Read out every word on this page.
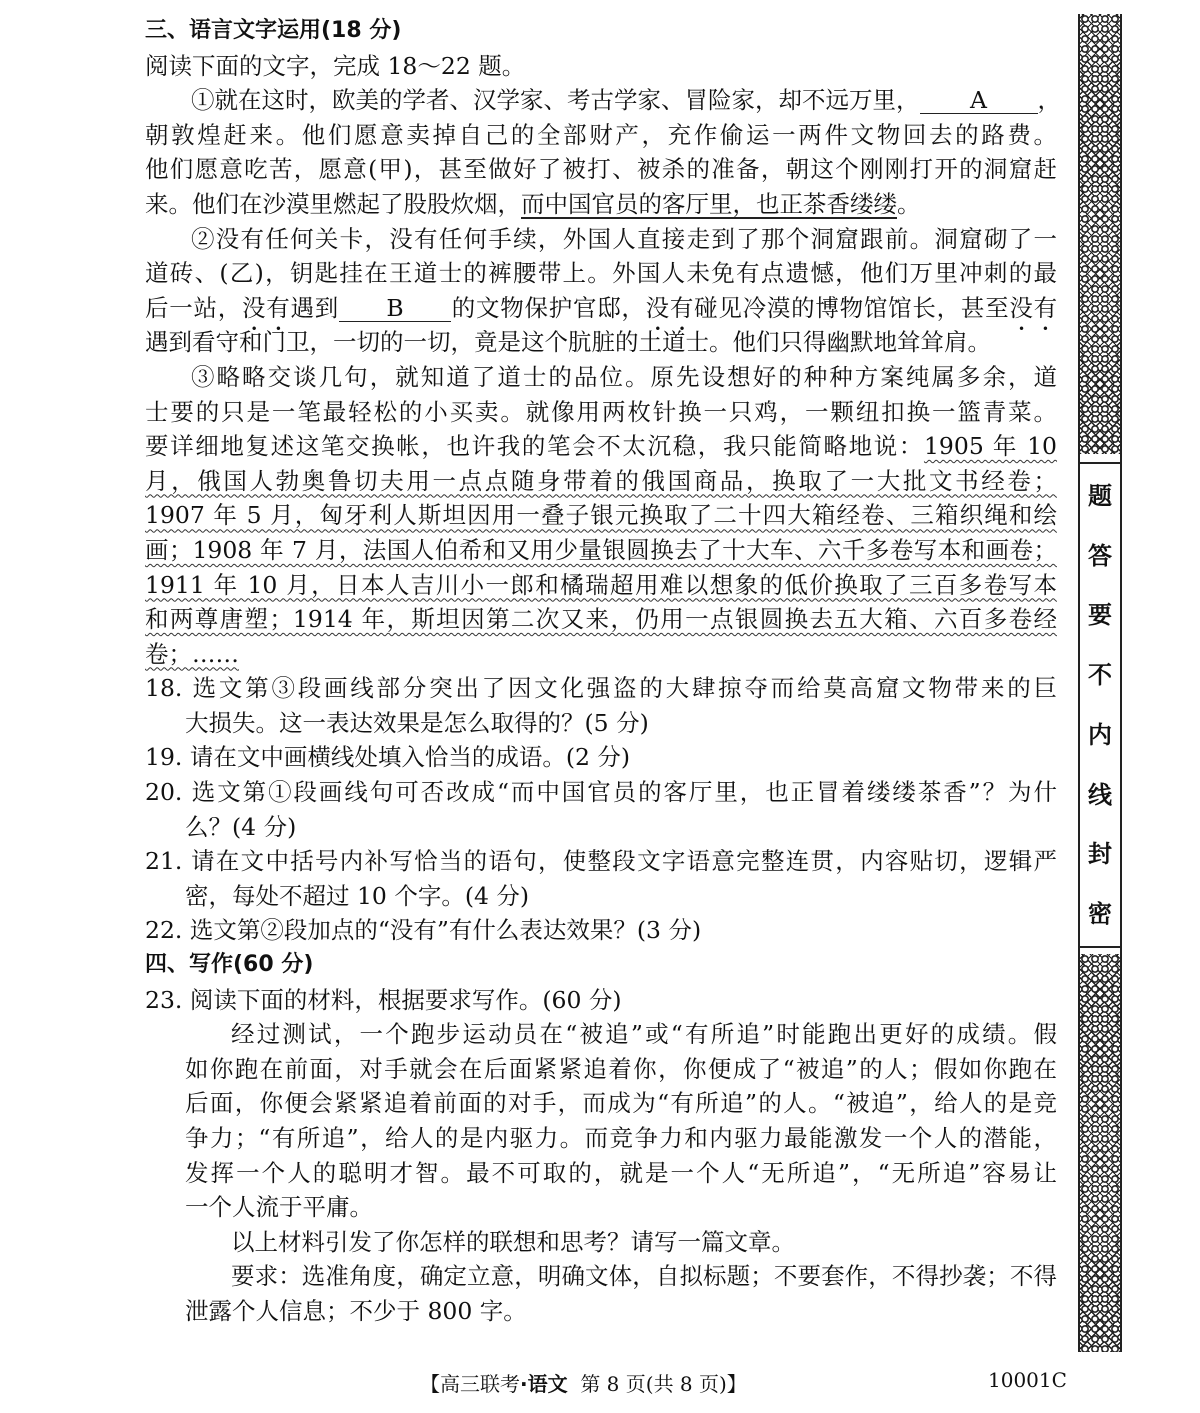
三、语言文字运用(18 分)
阅读下面的文字，完成 18～22 题。
①就在这时，欧美的学者、汉学家、考古学家、冒险家，却不远万里， A ，
朝敦煌赶来。他们愿意卖掉自己的全部财产，充作偷运一两件文物回去的路费。
他们愿意吃苦，愿意(甲)，甚至做好了被打、被杀的准备，朝这个刚刚打开的洞窟赶
来。他们在沙漠里燃起了股股炊烟，而中国官员的客厅里，也正茶香缕缕。
②没有任何关卡，没有任何手续，外国人直接走到了那个洞窟跟前。洞窟砌了一
道砖、(乙)，钥匙挂在王道士的裤腰带上。外国人未免有点遗憾，他们万里冲刺的最
后一站，没有遇到 B 的文物保护官邸，没有碰见冷漠的博物馆馆长，甚至没有
遇到看守和门卫，一切的一切，竟是这个肮脏的土道士。他们只得幽默地耸耸肩。
③略略交谈几句，就知道了道士的品位。原先设想好的种种方案纯属多余，道
士要的只是一笔最轻松的小买卖。就像用两枚针换一只鸡，一颗纽扣换一篮青菜。
要详细地复述这笔交换帐，也许我的笔会不太沉稳，我只能简略地说：1905 年 10
月，俄国人勃奥鲁切夫用一点点随身带着的俄国商品，换取了一大批文书经卷；
1907 年 5 月，匈牙利人斯坦因用一叠子银元换取了二十四大箱经卷、三箱织绳和绘
画；1908 年 7 月，法国人伯希和又用少量银圆换去了十大车、六千多卷写本和画卷；
1911 年 10 月，日本人吉川小一郎和橘瑞超用难以想象的低价换取了三百多卷写本
和两尊唐塑；1914 年，斯坦因第二次又来，仍用一点银圆换去五大箱、六百多卷经
卷；……
18. 选文第③段画线部分突出了因文化强盗的大肆掠夺而给莫高窟文物带来的巨
大损失。这一表达效果是怎么取得的？(5 分)
19. 请在文中画横线处填入恰当的成语。(2 分)
20. 选文第①段画线句可否改成“而中国官员的客厅里，也正冒着缕缕茶香”？为什
么？(4 分)
21. 请在文中括号内补写恰当的语句，使整段文字语意完整连贯，内容贴切，逻辑严
密，每处不超过 10 个字。(4 分)
22. 选文第②段加点的“没有”有什么表达效果？(3 分)
四、写作(60 分)
23. 阅读下面的材料，根据要求写作。(60 分)
经过测试，一个跑步运动员在“被追”或“有所追”时能跑出更好的成绩。假
如你跑在前面，对手就会在后面紧紧追着你，你便成了“被追”的人；假如你跑在
后面，你便会紧紧追着前面的对手，而成为“有所追”的人。“被追”，给人的是竞
争力；“有所追”，给人的是内驱力。而竞争力和内驱力最能激发一个人的潜能，
发挥一个人的聪明才智。最不可取的，就是一个人“无所追”，“无所追”容易让
一个人流于平庸。
以上材料引发了你怎样的联想和思考？请写一篇文章。
要求：选准角度，确定立意，明确文体，自拟标题；不要套作，不得抄袭；不得
泄露个人信息；不少于 800 字。
题
答
要
不
内
线
封
密
【高三联考·语文 第 8 页(共 8 页)】	10001C
